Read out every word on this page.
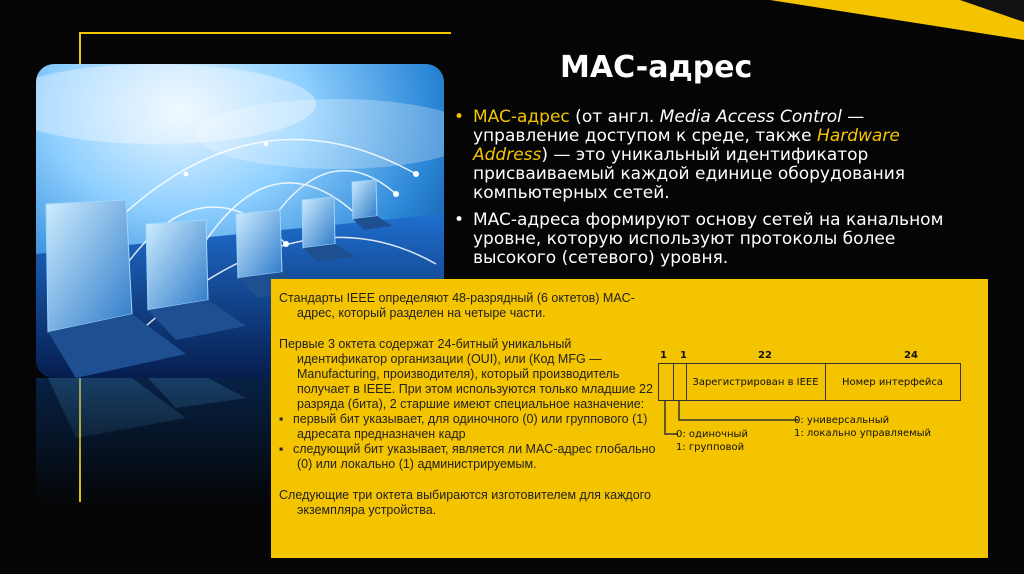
MAC-адрес
• MAC-адрес (от англ. Media Access Control — управление доступом к среде, также Hardware Address) — это уникальный идентификатор присваиваемый каждой единице оборудования компьютерных сетей.
• MAC-адреса формируют основу сетей на канальном уровне, которую используют протоколы более высокого (сетевого) уровня.

Стандарты IEEE определяют 48-разрядный (6 октетов) MAC-адрес, который разделен на четыре части.

Первые 3 октета содержат 24-битный уникальный идентификатор организации (OUI), или (Код MFG — Manufacturing, производителя), который производитель получает в IEEE. При этом используются только младшие 22 разряда (бита), 2 старшие имеют специальное назначение:

▪ первый бит указывает, для одиночного (0) или группового (1) адресата предназначен кадр
▪ следующий бит указывает, является ли MAC-адрес глобально (0) или локально (1) администрируемым.

Следующие три октета выбираются изготовителем для каждого экземпляра устройства.

1 1	22	24
Зарегистрирован в IEEE	Номер интерфейса
0: одиночный
1: групповой
0: универсальный
1: локально управляемый
